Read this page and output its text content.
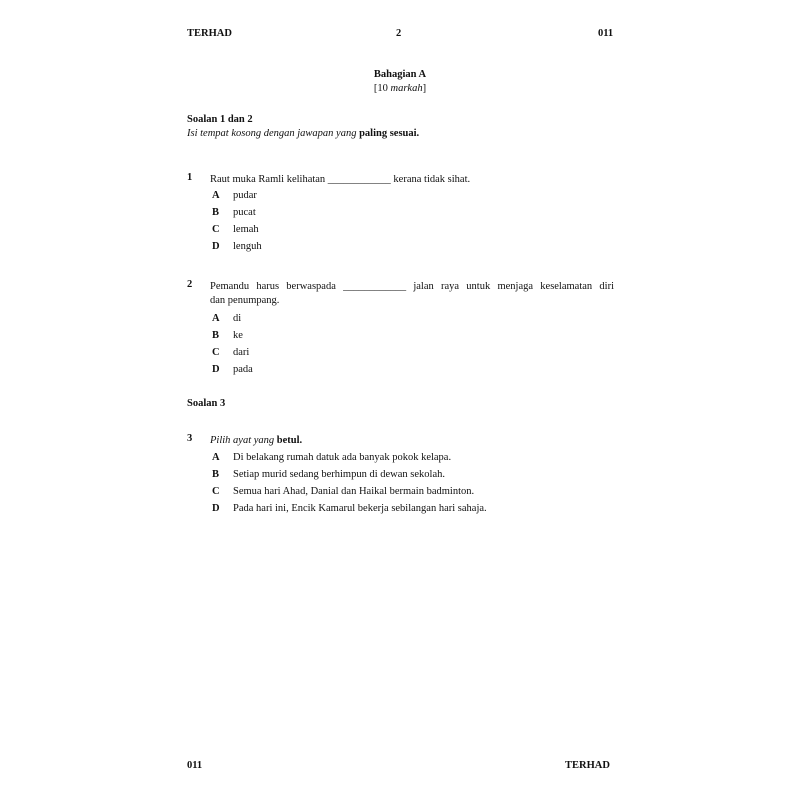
TERHAD	2	011
Bahagian A
[10 markah]
Soalan 1 dan 2
Isi tempat kosong dengan jawapan yang paling sesuai.
1 Raut muka Ramli kelihatan ____________ kerana tidak sihat.
A	pudar
B	pucat
C	lemah
D	lenguh
2 Pemandu harus berwaspada ____________ jalan raya untuk menjaga keselamatan diri
dan penumpang.
A	di
B	ke
C	dari
D	pada
Soalan 3
3 Pilih ayat yang betul.
A	Di belakang rumah datuk ada banyak pokok kelapa.
B	Setiap murid sedang berhimpun di dewan sekolah.
C	Semua hari Ahad, Danial dan Haikal bermain badminton.
D	Pada hari ini, Encik Kamarul bekerja sebilangan hari sahaja.
011	TERHAD
